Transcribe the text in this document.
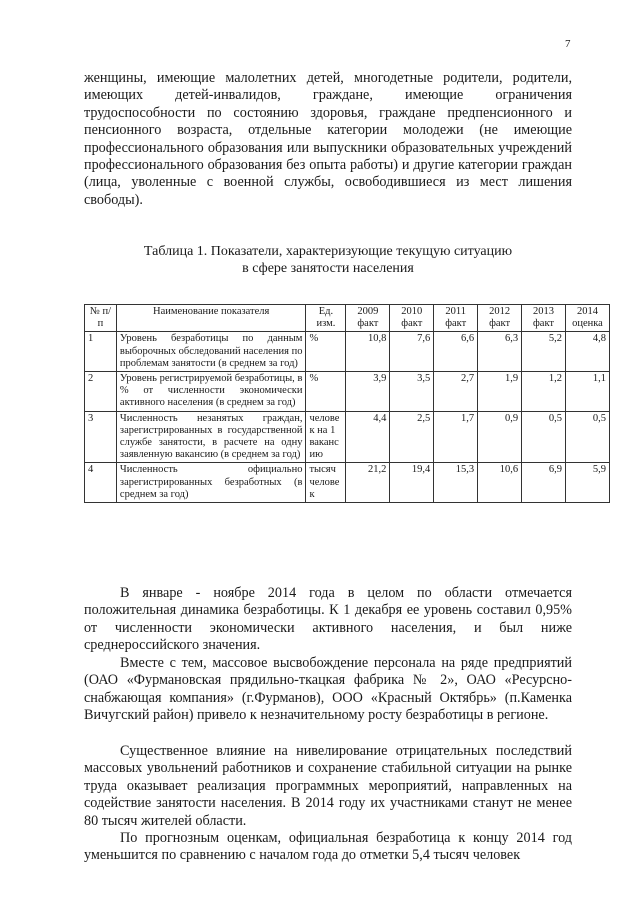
7

женщины, имеющие малолетних детей, многодетные родители, родители, имеющих детей-инвалидов, граждане, имеющие ограничения трудоспособности по состоянию здоровья, граждане предпенсионного и пенсионного возраста, отдельные категории молодежи (не имеющие профессионального образования или выпускники образовательных учреждений профессионального образования без опыта работы) и другие категории граждан (лица, уволенные с военной службы, освободившиеся из мест лишения свободы).

Таблица 1. Показатели, характеризующие текущую ситуацию
в сфере занятости населения
№ п/п	Наименование показателя	Ед. изм.	2009 факт	2010 факт	2011 факт	2012 факт	2013 факт	2014 оценка
1	Уровень безработицы по данным выборочных обследований населения по проблемам занятости (в среднем за год)	%	10,8	7,6	6,6	6,3	5,2	4,8
2	Уровень регистрируемой безработицы, в % от численности экономически активного населения (в среднем за год)	%	3,9	3,5	2,7	1,9	1,2	1,1
3	Численность незанятых граждан, зарегистрированных в государственной службе занятости, в расчете на одну заявленную вакансию (в среднем за год)	челове к на 1 ваканс ию	4,4	2,5	1,7	0,9	0,5	0,5
4	Численность официально зарегистрированных безработных (в среднем за год)	тысяч челове к	21,2	19,4	15,3	10,6	6,9	5,9

В январе - ноябре 2014 года в целом по области отмечается положительная динамика безработицы. К 1 декабря ее уровень составил 0,95% от численности экономически активного населения, и был ниже среднероссийского значения.

Вместе с тем, массовое высвобождение персонала на ряде предприятий (ОАО «Фурмановская прядильно-ткацкая фабрика № 2», ОАО «Ресурсно-снабжающая компания» (г.Фурманов), ООО «Красный Октябрь» (п.Каменка Вичугский район) привело к незначительному росту безработицы в регионе.

Существенное влияние на нивелирование отрицательных последствий массовых увольнений работников и сохранение стабильной ситуации на рынке труда оказывает реализация программных мероприятий, направленных на содействие занятости населения. В 2014 году их участниками станут не менее 80 тысяч жителей области.

По прогнозным оценкам, официальная безработица к концу 2014 год уменьшится по сравнению с началом года до отметки 5,4 тысяч человек
